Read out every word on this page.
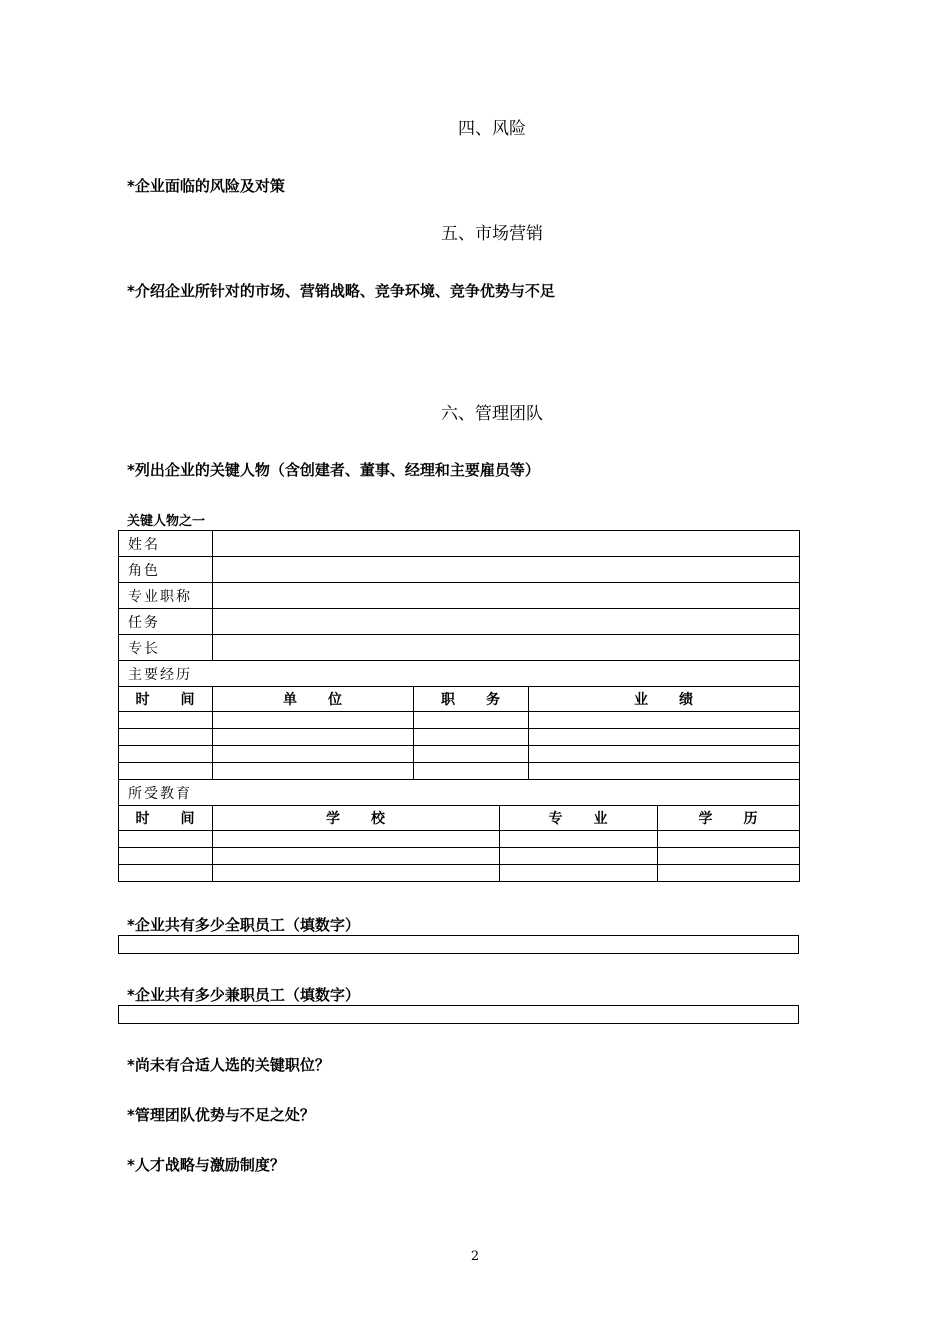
四、风险
*企业面临的风险及对策
五、市场营销
*介绍企业所针对的市场、营销战略、竞争环境、竞争优势与不足
六、管理团队
*列出企业的关键人物（含创建者、董事、经理和主要雇员等）
关键人物之一
姓名					
角色					
专业职称					
任务					
专长					
主要经历					
时　　间	单　　位	职　　务		业　　绩	

所受教育					
时　　间	学　　校		专　　业		学　　历

*企业共有多少全职员工（填数字）
*企业共有多少兼职员工（填数字）
*尚未有合适人选的关键职位？
*管理团队优势与不足之处？
*人才战略与激励制度？
2
